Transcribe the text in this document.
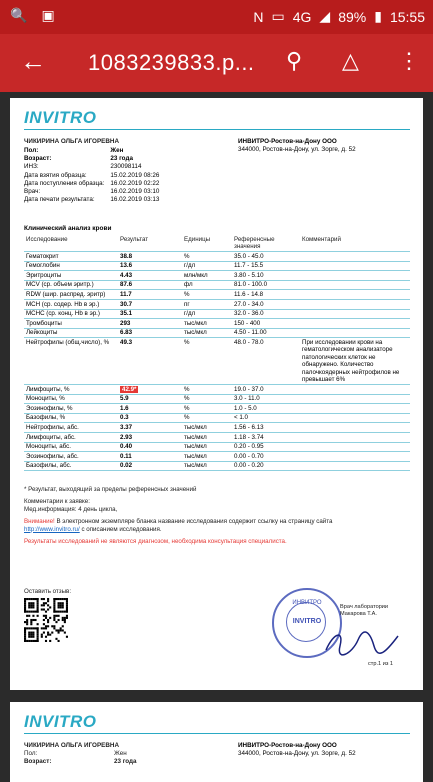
🔍 ▣	N ▭ 4G ◢ 89% ▮ 15:55
← 1083239833.p...	⚲ △ ⋮
INVITRO
ЧИКИРИНА ОЛЬГА ИГОРЕВНА
Пол:	Жен
Возраст:	23 года
ИНЗ:	230098114
Дата взятия образца:	15.02.2019 08:26
Дата поступления образца:	16.02.2019 02:22
Врач:	16.02.2019 03:10
Дата печати результата:	16.02.2019 03:13
ИНВИТРО-Ростов-на-Дону ООО
344000, Ростов-на-Дону, ул. Зорге, д. 52
Клинический анализ крови
Исследование	Результат	Единицы	Референсные значения	Комментарий
Гематокрит	38.8	%	35.0 - 45.0	
Гемоглобин	13.6	г/дл	11.7 - 15.5	
Эритроциты	4.43	млн/мкл	3.80 - 5.10	
MCV (ср. объем эритр.)	87.6	фл	81.0 - 100.0	
RDW (шир. распред. эритр)	11.7	%	11.6 - 14.8	
MCH (ср. содер. Hb в эр.)	30.7	пг	27.0 - 34.0	
MCHC (ср. конц. Hb в эр.)	35.1	г/дл	32.0 - 36.0	
Тромбоциты	293	тыс/мкл	150 - 400	
Лейкоциты	6.83	тыс/мкл	4.50 - 11.00	
Нейтрофилы (общ.число), %	49.3	%	48.0 - 78.0	При исследовании крови на гематологическом анализаторе патологических клеток не обнаружено. Количество палочкоядерных нейтрофилов не превышает 6%
Лимфоциты, %	42.9*	%	19.0 - 37.0	
Моноциты, %	5.9	%	3.0 - 11.0	
Эозинофилы, %	1.6	%	1.0 - 5.0	
Базофилы, %	0.3	%	< 1.0	
Нейтрофилы, абс.	3.37	тыс/мкл	1.56 - 6.13	
Лимфоциты, абс.	2.93	тыс/мкл	1.18 - 3.74	
Моноциты, абс.	0.40	тыс/мкл	0.20 - 0.95	
Эозинофилы, абс.	0.11	тыс/мкл	0.00 - 0.70	
Базофилы, абс.	0.02	тыс/мкл	0.00 - 0.20	
* Результат, выходящий за пределы референсных значений
Комментарии к заявке:
Мед.информация: 4 день цикла,
Внимание! В электронном экземпляре бланка название исследования содержит ссылку на страницу сайта
http://www.invitro.ru/ с описанием исследования.
Результаты исследований не являются диагнозом, необходима консультация специалиста.
Оставить отзыв:
ИНВИТРО
INVITRO
Врач лаборатории
Макарова Т.А.
стр.1 из 1
INVITRO
ЧИКИРИНА ОЛЬГА ИГОРЕВНА
Пол:	Жен
Возраст:	23 года
ИНВИТРО-Ростов-на-Дону ООО
344000, Ростов-на-Дону, ул. Зорге, д. 52
